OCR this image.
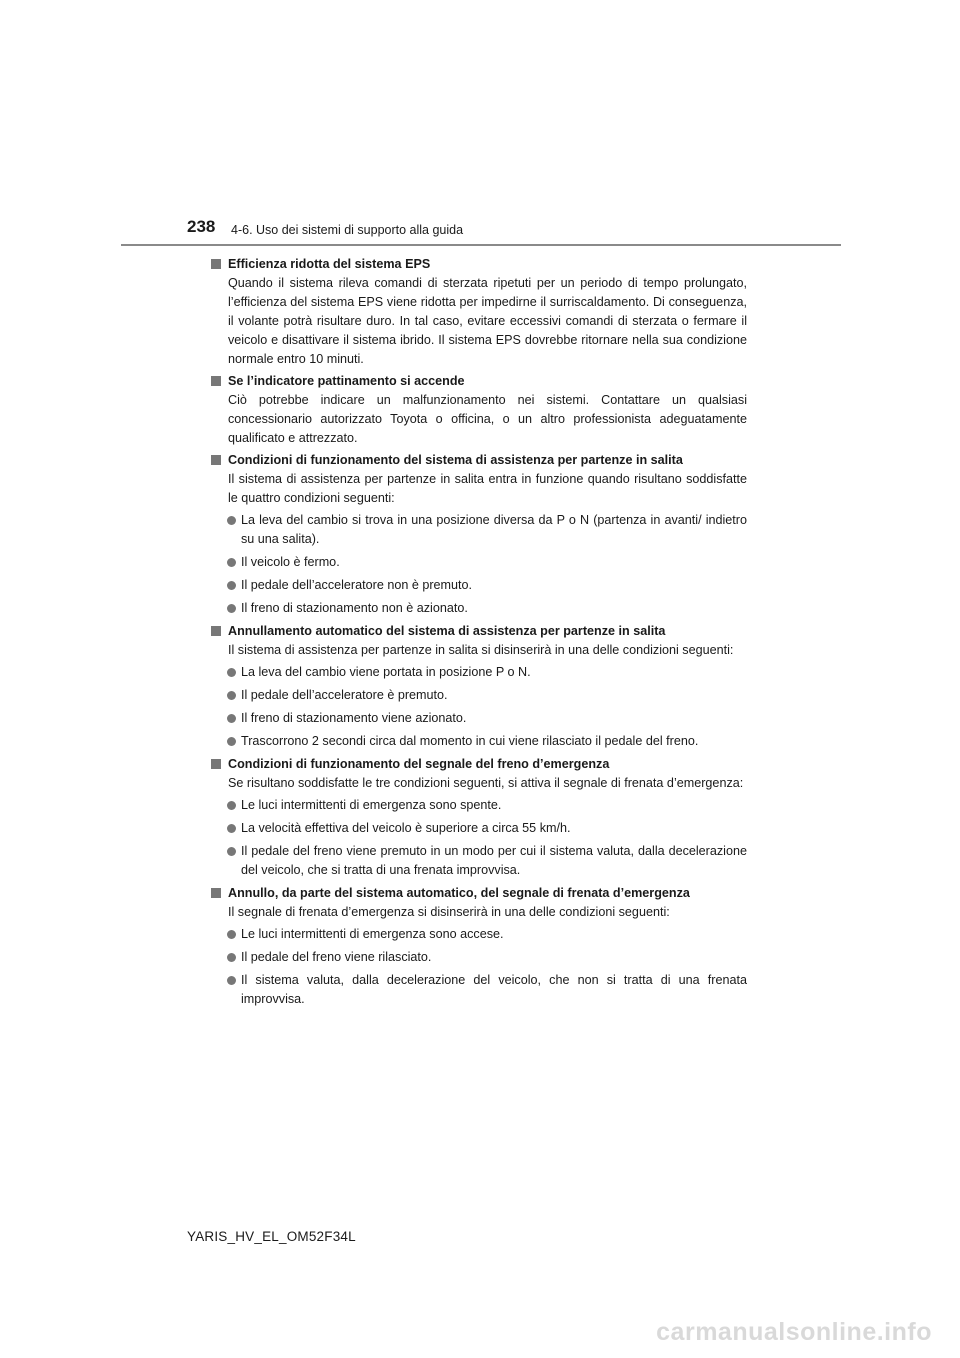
238 4-6. Uso dei sistemi di supporto alla guida
Efficienza ridotta del sistema EPS
Quando il sistema rileva comandi di sterzata ripetuti per un periodo di tempo prolungato, l’efficienza del sistema EPS viene ridotta per impedirne il surriscaldamento. Di conseguenza, il volante potrà risultare duro. In tal caso, evitare eccessivi comandi di sterzata o fermare il veicolo e disattivare il sistema ibrido. Il sistema EPS dovrebbe ritornare nella sua condizione normale entro 10 minuti.
Se l’indicatore pattinamento si accende
Ciò potrebbe indicare un malfunzionamento nei sistemi. Contattare un qualsiasi concessionario autorizzato Toyota o officina, o un altro professionista adeguatamente qualificato e attrezzato.
Condizioni di funzionamento del sistema di assistenza per partenze in salita
Il sistema di assistenza per partenze in salita entra in funzione quando risultano soddisfatte le quattro condizioni seguenti:
La leva del cambio si trova in una posizione diversa da P o N (partenza in avanti/ indietro su una salita).
Il veicolo è fermo.
Il pedale dell’acceleratore non è premuto.
Il freno di stazionamento non è azionato.
Annullamento automatico del sistema di assistenza per partenze in salita
Il sistema di assistenza per partenze in salita si disinserirà in una delle condizioni seguenti:
La leva del cambio viene portata in posizione P o N.
Il pedale dell’acceleratore è premuto.
Il freno di stazionamento viene azionato.
Trascorrono 2 secondi circa dal momento in cui viene rilasciato il pedale del freno.
Condizioni di funzionamento del segnale del freno d’emergenza
Se risultano soddisfatte le tre condizioni seguenti, si attiva il segnale di frenata d’emergenza:
Le luci intermittenti di emergenza sono spente.
La velocità effettiva del veicolo è superiore a circa 55 km/h.
Il pedale del freno viene premuto in un modo per cui il sistema valuta, dalla decelerazione del veicolo, che si tratta di una frenata improvvisa.
Annullo, da parte del sistema automatico, del segnale di frenata d’emergenza
Il segnale di frenata d’emergenza si disinserirà in una delle condizioni seguenti:
Le luci intermittenti di emergenza sono accese.
Il pedale del freno viene rilasciato.
Il sistema valuta, dalla decelerazione del veicolo, che non si tratta di una frenata improvvisa.
YARIS_HV_EL_OM52F34L
carmanualsonline.info
